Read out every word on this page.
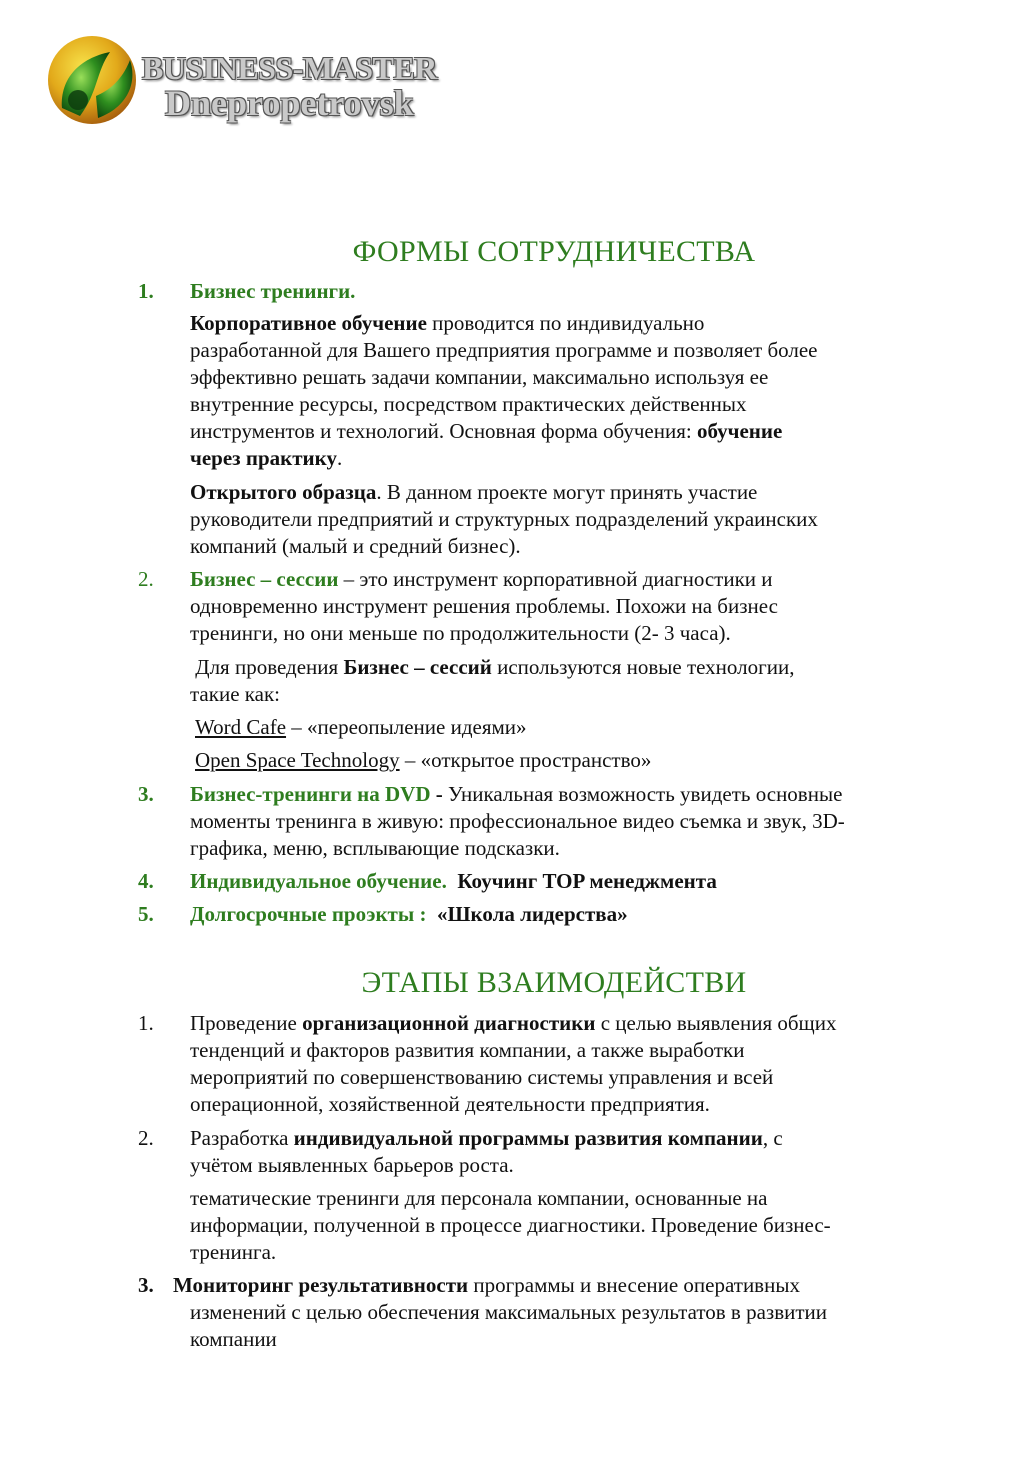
BUSINESS-MASTER
Dnepropetrovsk
ФОРМЫ СОТРУДНИЧЕСТВА
1. Бизнес тренинги.
Корпоративное обучение проводится по индивидуально
разработанной для Вашего предприятия программе и позволяет более
эффективно решать задачи компании, максимально используя ее
внутренние ресурсы, посредством практических действенных
инструментов и технологий. Основная форма обучения: обучение
через практику.
Открытого образца. В данном проекте могут принять участие
руководители предприятий и структурных подразделений украинских
компаний (малый и средний бизнес).
2. Бизнес – сессии – это инструмент корпоративной диагностики и
одновременно инструмент решения проблемы. Похожи на бизнес
тренинги, но они меньше по продолжительности (2- 3 часа).
Для проведения Бизнес – сессий используются новые технологии,
такие как:
Word Cafe – «переопыление идеями»
Open Space Technology – «открытое пространство»
3. Бизнес-тренинги на DVD - Уникальная возможность увидеть основные
моменты тренинга в живую: профессиональное видео съемка и звук, 3D-
графика, меню, всплывающие подсказки.
4. Индивидуальное обучение.  Коучинг TOP менеджмента
5. Долгосрочные проэкты :  «Школа лидерства»
ЭТАПЫ ВЗАИМОДЕЙСТВИ
1. Проведение организационной диагностики с целью выявления общих
тенденций и факторов развития компании, а также выработки
мероприятий по совершенствованию системы управления и всей
операционной, хозяйственной деятельности предприятия.
2. Разработка индивидуальной программы развития компании, с
учётом выявленных барьеров роста.
тематические тренинги для персонала компании, основанные на
информации, полученной в процессе диагностики. Проведение бизнес-
тренинга.
3. Мониторинг результативности программы и внесение оперативных
изменений с целью обеспечения максимальных результатов в развитии
компании
